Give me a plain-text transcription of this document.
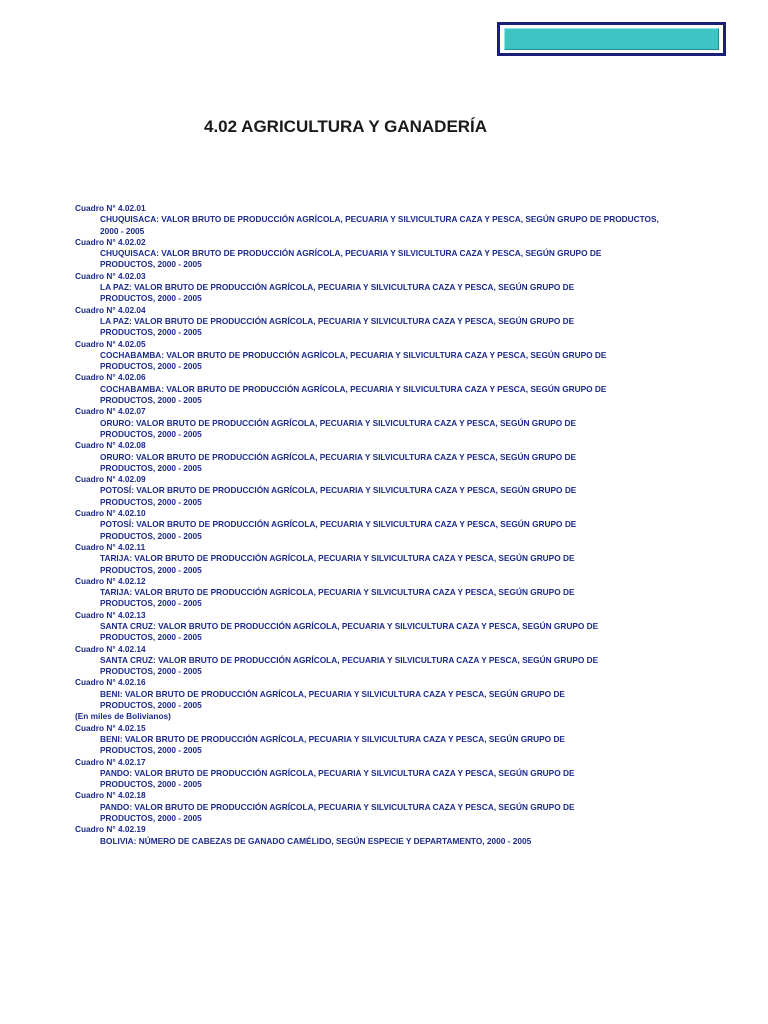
4.02 AGRICULTURA Y GANADERÍA
Cuadro N° 4.02.01
CHUQUISACA: VALOR BRUTO DE PRODUCCIÓN AGRÍCOLA, PECUARIA Y SILVICULTURA CAZA Y PESCA, SEGÚN GRUPO DE PRODUCTOS,
2000 - 2005
Cuadro N° 4.02.02
CHUQUISACA: VALOR BRUTO DE PRODUCCIÓN AGRÍCOLA, PECUARIA Y SILVICULTURA CAZA Y PESCA, SEGÚN GRUPO DE
PRODUCTOS, 2000 - 2005
Cuadro N° 4.02.03
LA PAZ: VALOR BRUTO DE PRODUCCIÓN AGRÍCOLA, PECUARIA Y SILVICULTURA CAZA Y PESCA, SEGÚN GRUPO DE
PRODUCTOS, 2000 - 2005
Cuadro N° 4.02.04
LA PAZ: VALOR BRUTO DE PRODUCCIÓN AGRÍCOLA, PECUARIA Y SILVICULTURA CAZA Y PESCA, SEGÚN GRUPO DE
PRODUCTOS, 2000 - 2005
Cuadro N° 4.02.05
COCHABAMBA: VALOR BRUTO DE PRODUCCIÓN AGRÍCOLA, PECUARIA Y SILVICULTURA CAZA Y PESCA, SEGÚN GRUPO DE
PRODUCTOS, 2000 - 2005
Cuadro N° 4.02.06
COCHABAMBA: VALOR BRUTO DE PRODUCCIÓN AGRÍCOLA, PECUARIA Y SILVICULTURA CAZA Y PESCA, SEGÚN GRUPO DE
PRODUCTOS, 2000 - 2005
Cuadro N° 4.02.07
ORURO: VALOR BRUTO DE PRODUCCIÓN AGRÍCOLA, PECUARIA Y SILVICULTURA CAZA Y PESCA, SEGÚN GRUPO DE
PRODUCTOS, 2000 - 2005
Cuadro N° 4.02.08
ORURO: VALOR BRUTO DE PRODUCCIÓN AGRÍCOLA, PECUARIA Y SILVICULTURA CAZA Y PESCA, SEGÚN GRUPO DE
PRODUCTOS, 2000 - 2005
Cuadro N° 4.02.09
POTOSÍ: VALOR BRUTO DE PRODUCCIÓN AGRÍCOLA, PECUARIA Y SILVICULTURA CAZA Y PESCA, SEGÚN GRUPO DE
PRODUCTOS, 2000 - 2005
Cuadro N° 4.02.10
POTOSÍ: VALOR BRUTO DE PRODUCCIÓN AGRÍCOLA, PECUARIA Y SILVICULTURA CAZA Y PESCA, SEGÚN GRUPO DE
PRODUCTOS, 2000 - 2005
Cuadro N° 4.02.11
TARIJA: VALOR BRUTO DE PRODUCCIÓN AGRÍCOLA, PECUARIA Y SILVICULTURA CAZA Y PESCA, SEGÚN GRUPO DE
PRODUCTOS, 2000 - 2005
Cuadro N° 4.02.12
TARIJA: VALOR BRUTO DE PRODUCCIÓN AGRÍCOLA, PECUARIA Y SILVICULTURA CAZA Y PESCA, SEGÚN GRUPO DE
PRODUCTOS, 2000 - 2005
Cuadro N° 4.02.13
SANTA CRUZ: VALOR BRUTO DE PRODUCCIÓN AGRÍCOLA, PECUARIA Y SILVICULTURA CAZA Y PESCA, SEGÚN GRUPO DE
PRODUCTOS, 2000 - 2005
Cuadro N° 4.02.14
SANTA CRUZ: VALOR BRUTO DE PRODUCCIÓN AGRÍCOLA, PECUARIA Y SILVICULTURA CAZA Y PESCA, SEGÚN GRUPO DE
PRODUCTOS, 2000 - 2005
Cuadro N° 4.02.16
BENI: VALOR BRUTO DE PRODUCCIÓN AGRÍCOLA, PECUARIA Y SILVICULTURA CAZA Y PESCA, SEGÚN GRUPO DE
PRODUCTOS, 2000 - 2005
(En miles de Bolivianos)
Cuadro N° 4.02.15
BENI: VALOR BRUTO DE PRODUCCIÓN AGRÍCOLA, PECUARIA Y SILVICULTURA CAZA Y PESCA, SEGÚN GRUPO DE
PRODUCTOS, 2000 - 2005
Cuadro N° 4.02.17
PANDO: VALOR BRUTO DE PRODUCCIÓN AGRÍCOLA, PECUARIA Y SILVICULTURA CAZA Y PESCA, SEGÚN GRUPO DE
PRODUCTOS, 2000 - 2005
Cuadro N° 4.02.18
PANDO: VALOR BRUTO DE PRODUCCIÓN AGRÍCOLA, PECUARIA Y SILVICULTURA CAZA Y PESCA, SEGÚN GRUPO DE
PRODUCTOS, 2000 - 2005
Cuadro N° 4.02.19
BOLIVIA: NÚMERO DE CABEZAS DE GANADO CAMÉLIDO, SEGÚN ESPECIE Y DEPARTAMENTO, 2000 - 2005
